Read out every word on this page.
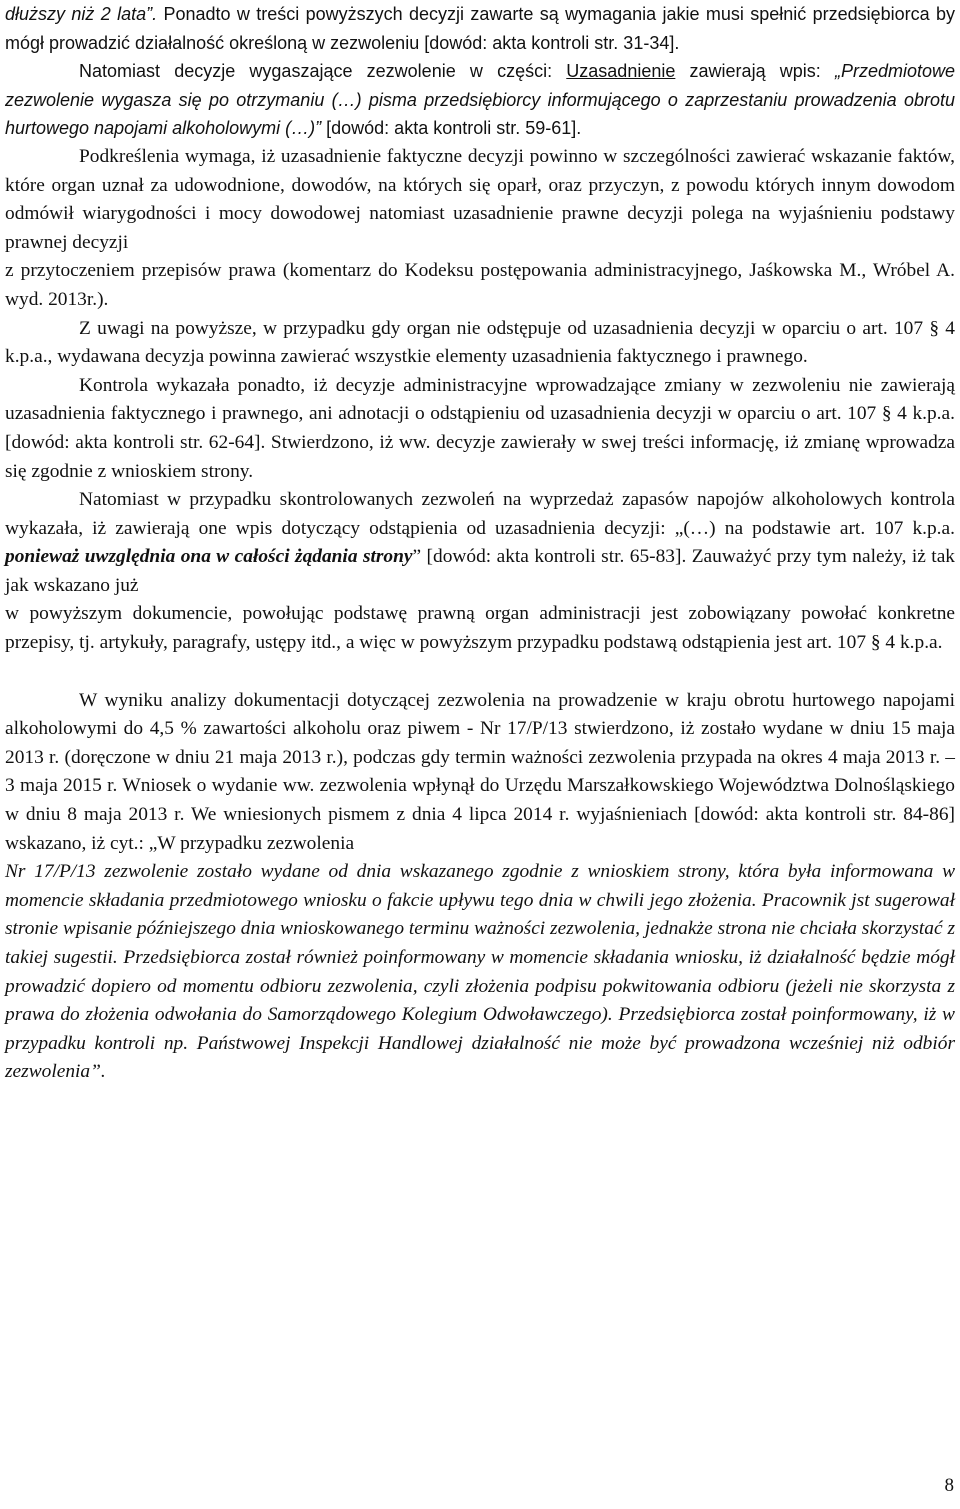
dłuższy niż 2 lata”. Ponadto w treści powyższych decyzji zawarte są wymagania jakie musi spełnić przedsiębiorca by mógł prowadzić działalność określoną w zezwoleniu [dowód: akta kontroli str. 31-34].

Natomiast decyzje wygaszające zezwolenie w części: Uzasadnienie zawierają wpis: „Przedmiotowe zezwolenie wygasza się po otrzymaniu (…) pisma przedsiębiorcy informującego o zaprzestaniu prowadzenia obrotu hurtowego napojami alkoholowymi (…)” [dowód: akta kontroli str. 59-61].

Podkreślenia wymaga, iż uzasadnienie faktyczne decyzji powinno w szczególności zawierać wskazanie faktów, które organ uznał za udowodnione, dowodów, na których się oparł, oraz przyczyn, z powodu których innym dowodom odmówił wiarygodności i mocy dowodowej natomiast uzasadnienie prawne decyzji polega na wyjaśnieniu podstawy prawnej decyzji
z przytoczeniem przepisów prawa (komentarz do Kodeksu postępowania administracyjnego, Jaśkowska M., Wróbel A. wyd. 2013r.).

Z uwagi na powyższe, w przypadku gdy organ nie odstępuje od uzasadnienia decyzji w oparciu o art. 107 § 4 k.p.a., wydawana decyzja powinna zawierać wszystkie elementy uzasadnienia faktycznego i prawnego.

Kontrola wykazała ponadto, iż decyzje administracyjne wprowadzające zmiany w zezwoleniu nie zawierają uzasadnienia faktycznego i prawnego, ani adnotacji o odstąpieniu od uzasadnienia decyzji w oparciu o art. 107 § 4 k.p.a. [dowód: akta kontroli str. 62-64]. Stwierdzono, iż ww. decyzje zawierały w swej treści informację, iż zmianę wprowadza się zgodnie z wnioskiem strony.

Natomiast w przypadku skontrolowanych zezwoleń na wyprzedaż zapasów napojów alkoholowych kontrola wykazała, iż zawierają one wpis dotyczący odstąpienia od uzasadnienia decyzji: „(…) na podstawie art. 107 k.p.a. ponieważ uwzględnia ona w całości żądania strony” [dowód: akta kontroli str. 65-83]. Zauważyć przy tym należy, iż tak jak wskazano już
w powyższym dokumencie, powołując podstawę prawną organ administracji jest zobowiązany powołać konkretne przepisy, tj. artykuły, paragrafy, ustępy itd., a więc w powyższym przypadku podstawą odstąpienia jest art. 107 § 4 k.p.a.

W wyniku analizy dokumentacji dotyczącej zezwolenia na prowadzenie w kraju obrotu hurtowego napojami alkoholowymi do 4,5 % zawartości alkoholu oraz piwem - Nr 17/P/13 stwierdzono, iż zostało wydane w dniu 15 maja 2013 r. (doręczone w dniu 21 maja 2013 r.), podczas gdy termin ważności zezwolenia przypada na okres 4 maja 2013 r. – 3 maja 2015 r. Wniosek o wydanie ww. zezwolenia wpłynął do Urzędu Marszałkowskiego Województwa Dolnośląskiego w dniu 8 maja 2013 r. We wniesionych pismem z dnia 4 lipca 2014 r. wyjaśnieniach [dowód: akta kontroli str. 84-86] wskazano, iż cyt.: „W przypadku zezwolenia
Nr 17/P/13 zezwolenie zostało wydane od dnia wskazanego zgodnie z wnioskiem strony, która była informowana w momencie składania przedmiotowego wniosku o fakcie upływu tego dnia w chwili jego złożenia. Pracownik jst sugerował stronie wpisanie późniejszego dnia wnioskowanego terminu ważności zezwolenia, jednakże strona nie chciała skorzystać z takiej sugestii. Przedsiębiorca został również poinformowany w momencie składania wniosku, iż działalność będzie mógł prowadzić dopiero od momentu odbioru zezwolenia, czyli złożenia podpisu pokwitowania odbioru (jeżeli nie skorzysta z prawa do złożenia odwołania do Samorządowego Kolegium Odwoławczego). Przedsiębiorca został poinformowany, iż w przypadku kontroli np. Państwowej Inspekcji Handlowej działalność nie może być prowadzona wcześniej niż odbiór zezwolenia”.

8
